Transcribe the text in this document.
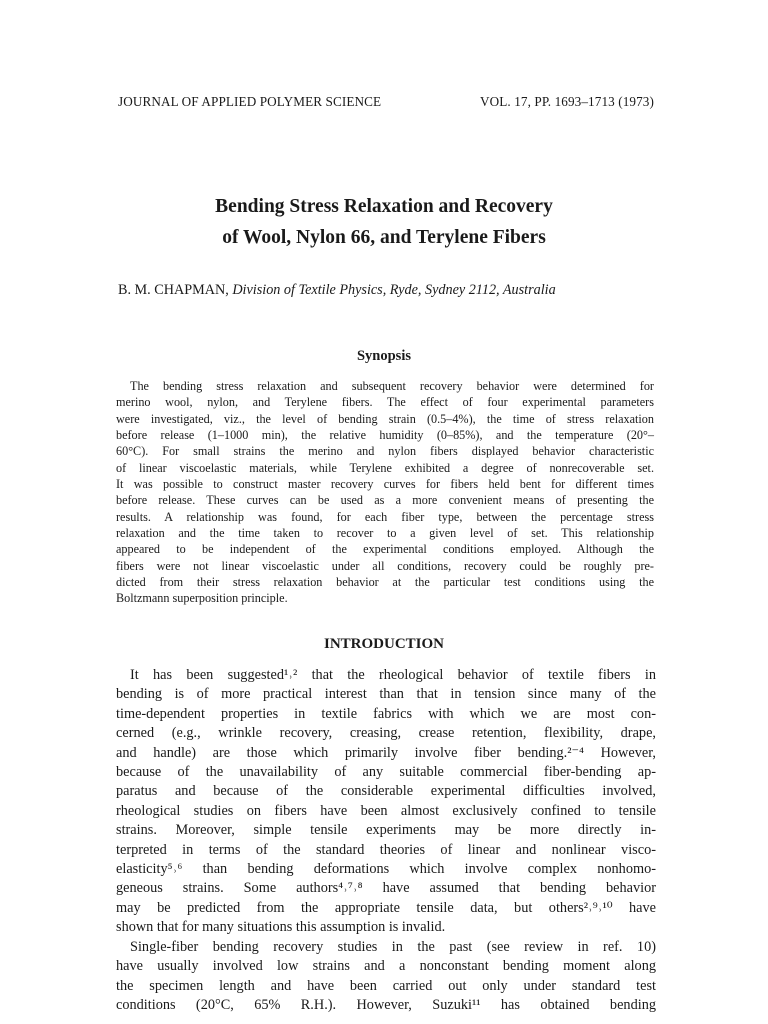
JOURNAL OF APPLIED POLYMER SCIENCE	VOL. 17, PP. 1693–1713 (1973)
Bending Stress Relaxation and Recovery
of Wool, Nylon 66, and Terylene Fibers
B. M. CHAPMAN, Division of Textile Physics, Ryde, Sydney 2112, Australia
Synopsis
The bending stress relaxation and subsequent recovery behavior were determined for
merino wool, nylon, and Terylene fibers. The effect of four experimental parameters
were investigated, viz., the level of bending strain (0.5–4%), the time of stress relaxation
before release (1–1000 min), the relative humidity (0–85%), and the temperature (20°–
60°C). For small strains the merino and nylon fibers displayed behavior characteristic
of linear viscoelastic materials, while Terylene exhibited a degree of nonrecoverable set.
It was possible to construct master recovery curves for fibers held bent for different times
before release. These curves can be used as a more convenient means of presenting the
results. A relationship was found, for each fiber type, between the percentage stress
relaxation and the time taken to recover to a given level of set. This relationship
appeared to be independent of the experimental conditions employed. Although the
fibers were not linear viscoelastic under all conditions, recovery could be roughly pre-
dicted from their stress relaxation behavior at the particular test conditions using the
Boltzmann superposition principle.
INTRODUCTION
It has been suggested¹˒² that the rheological behavior of textile fibers in
bending is of more practical interest than that in tension since many of the
time-dependent properties in textile fabrics with which we are most con-
cerned (e.g., wrinkle recovery, creasing, crease retention, flexibility, drape,
and handle) are those which primarily involve fiber bending.²⁻⁴ However,
because of the unavailability of any suitable commercial fiber-bending ap-
paratus and because of the considerable experimental difficulties involved,
rheological studies on fibers have been almost exclusively confined to tensile
strains. Moreover, simple tensile experiments may be more directly in-
terpreted in terms of the standard theories of linear and nonlinear visco-
elasticity⁵˒⁶ than bending deformations which involve complex nonhomo-
geneous strains. Some authors⁴˒⁷˒⁸ have assumed that bending behavior
may be predicted from the appropriate tensile data, but others²˒⁹˒¹⁰ have
shown that for many situations this assumption is invalid.
Single-fiber bending recovery studies in the past (see review in ref. 10)
have usually involved low strains and a nonconstant bending moment along
the specimen length and have been carried out only under standard test
conditions (20°C, 65% R.H.). However, Suzuki¹¹ has obtained bending
